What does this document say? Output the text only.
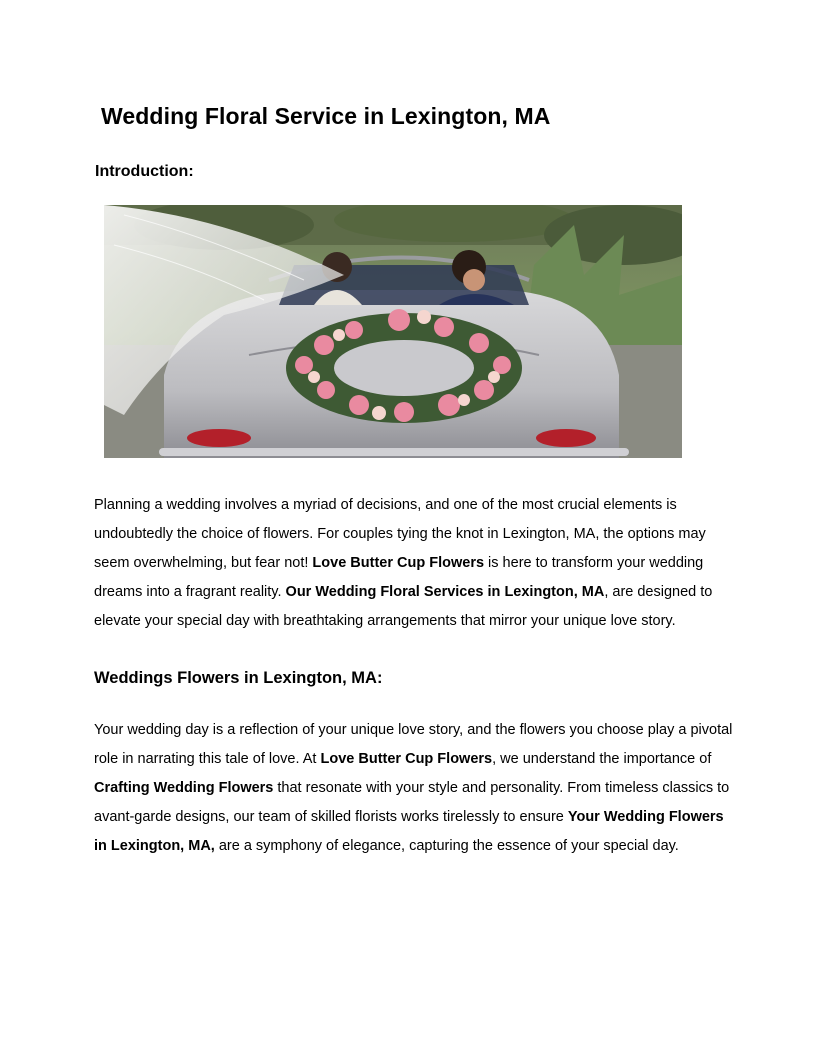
Wedding Floral Service in Lexington, MA
Introduction:

Planning a wedding involves a myriad of decisions, and one of the most crucial elements is undoubtedly the choice of flowers. For couples tying the knot in Lexington, MA, the options may seem overwhelming, but fear not! Love Butter Cup Flowers is here to transform your wedding dreams into a fragrant reality. Our Wedding Floral Services in Lexington, MA, are designed to elevate your special day with breathtaking arrangements that mirror your unique love story.

Weddings Flowers in Lexington, MA:

Your wedding day is a reflection of your unique love story, and the flowers you choose play a pivotal role in narrating this tale of love. At Love Butter Cup Flowers, we understand the importance of Crafting Wedding Flowers that resonate with your style and personality. From timeless classics to avant-garde designs, our team of skilled florists works tirelessly to ensure Your Wedding Flowers in Lexington, MA, are a symphony of elegance, capturing the essence of your special day.
